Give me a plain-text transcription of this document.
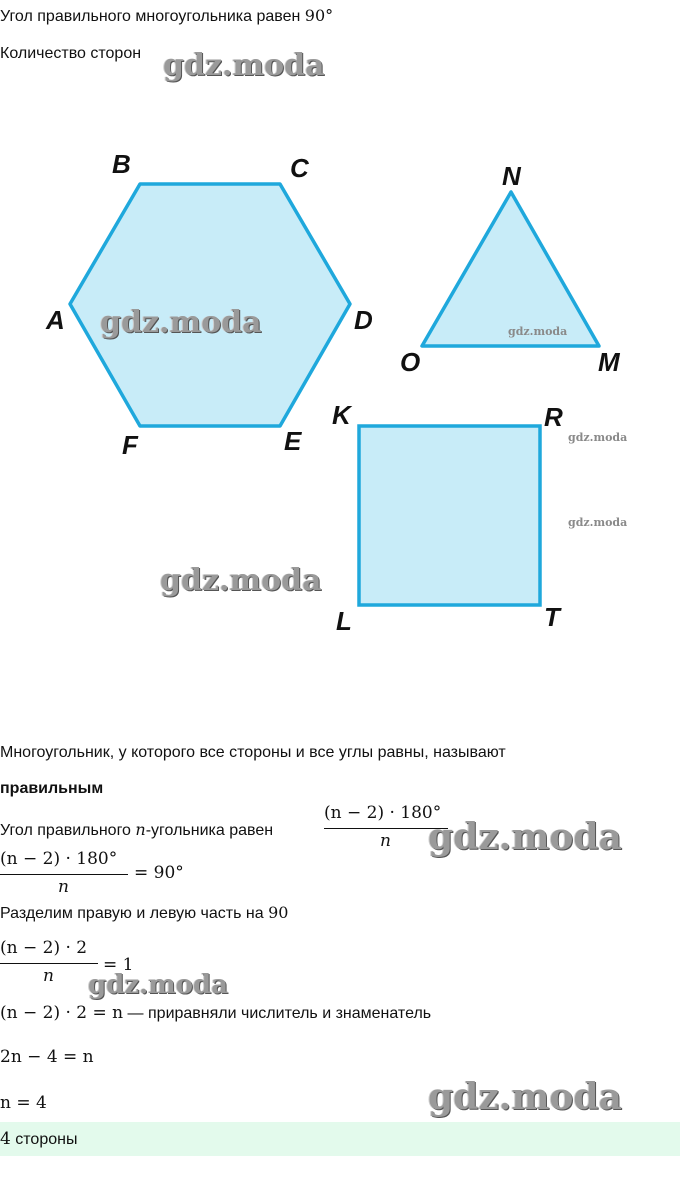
Угол правильного многоугольника равен 90°
Количество сторон gdz.moda
B	C
A	D
F	E
N
O	M
K	R
T
L
gdz.moda	gdz.moda
gdz.moda
gdz.moda
gdz.moda
Многоугольник, у которого все стороны и все углы равны, называют
правильным
Угол правильного n-угольника равен
(n − 2) · 180°
n gdz.moda
(n − 2) · 180°
n
= 90°
Разделим правую и левую часть на 90
(n − 2) · 2
n
= 1
gdz.moda
(n − 2) · 2 = n — приравняли числитель и знаменатель
2n − 4 = n
n = 4	gdz.moda
4 стороны
